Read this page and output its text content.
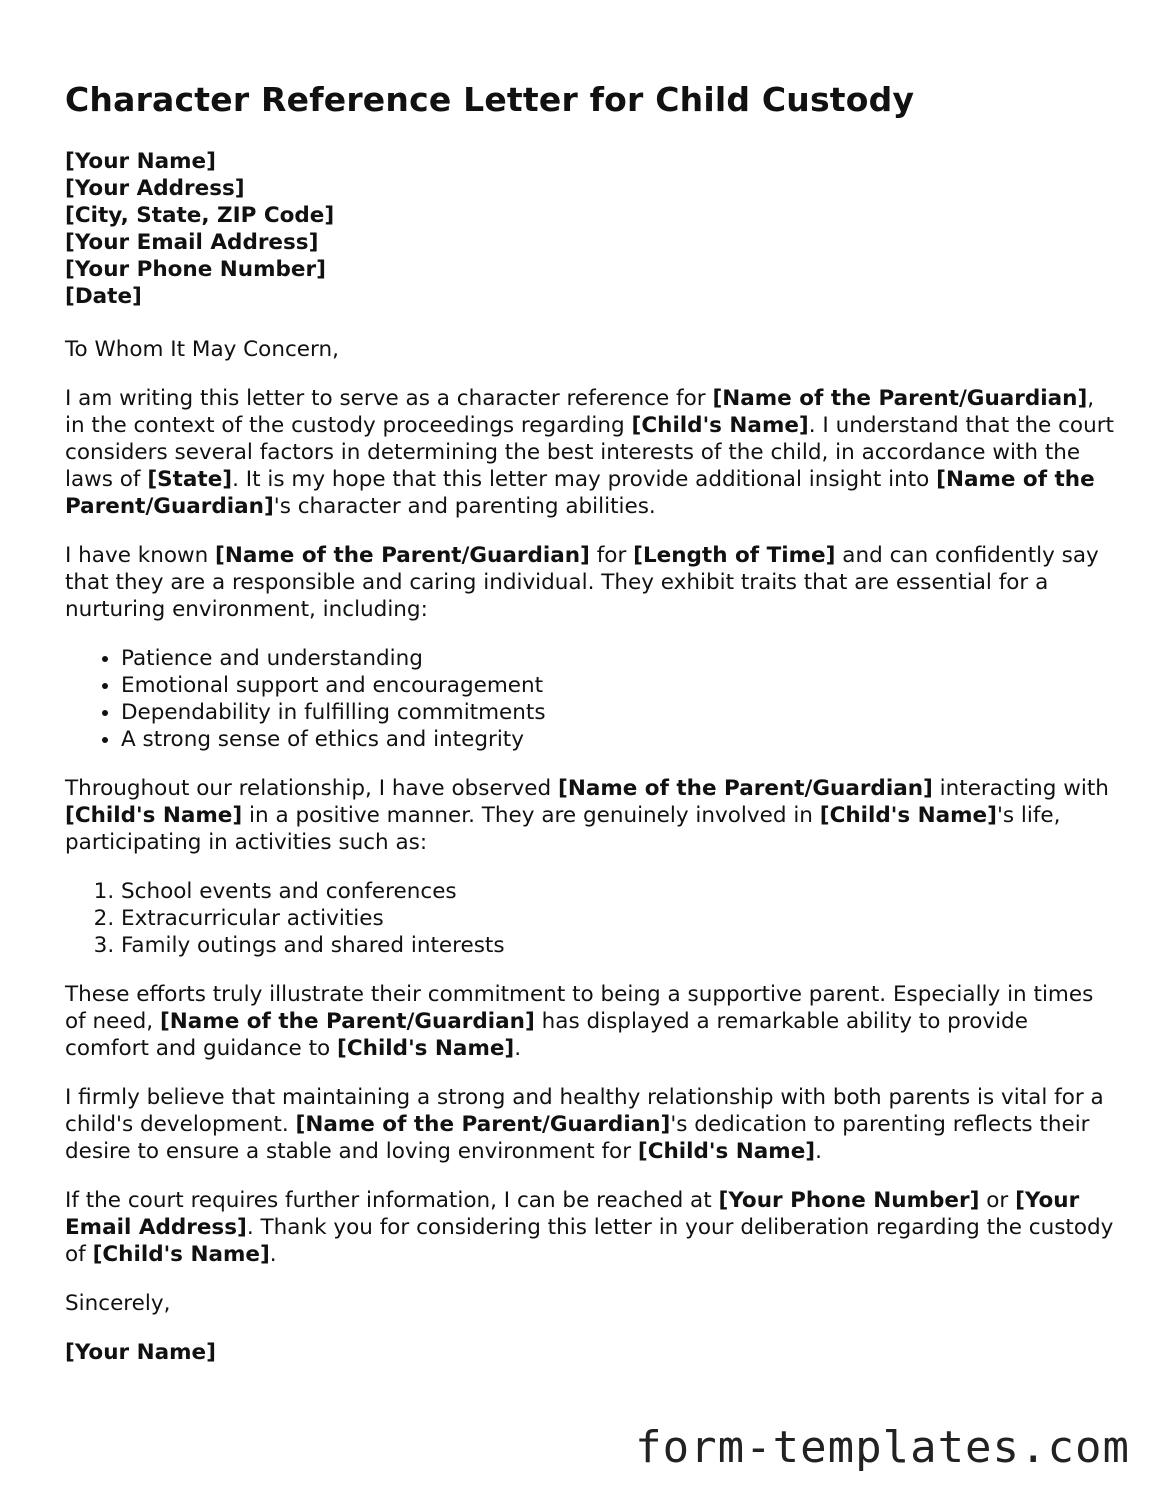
Character Reference Letter for Child Custody
[Your Name]
[Your Address]
[City, State, ZIP Code]
[Your Email Address]
[Your Phone Number]
[Date]

To Whom It May Concern,

I am writing this letter to serve as a character reference for [Name of the Parent/Guardian], in the context of the custody proceedings regarding [Child's Name]. I understand that the court considers several factors in determining the best interests of the child, in accordance with the laws of [State]. It is my hope that this letter may provide additional insight into [Name of the Parent/Guardian]'s character and parenting abilities.

I have known [Name of the Parent/Guardian] for [Length of Time] and can confidently say that they are a responsible and caring individual. They exhibit traits that are essential for a nurturing environment, including:

• Patience and understanding
• Emotional support and encouragement
• Dependability in fulfilling commitments
• A strong sense of ethics and integrity

Throughout our relationship, I have observed [Name of the Parent/Guardian] interacting with [Child's Name] in a positive manner. They are genuinely involved in [Child's Name]'s life, participating in activities such as:

1. School events and conferences
2. Extracurricular activities
3. Family outings and shared interests

These efforts truly illustrate their commitment to being a supportive parent. Especially in times of need, [Name of the Parent/Guardian] has displayed a remarkable ability to provide comfort and guidance to [Child's Name].

I firmly believe that maintaining a strong and healthy relationship with both parents is vital for a child's development. [Name of the Parent/Guardian]'s dedication to parenting reflects their desire to ensure a stable and loving environment for [Child's Name].

If the court requires further information, I can be reached at [Your Phone Number] or [Your Email Address]. Thank you for considering this letter in your deliberation regarding the custody of [Child's Name].

Sincerely,

[Your Name]

form-templates.com
